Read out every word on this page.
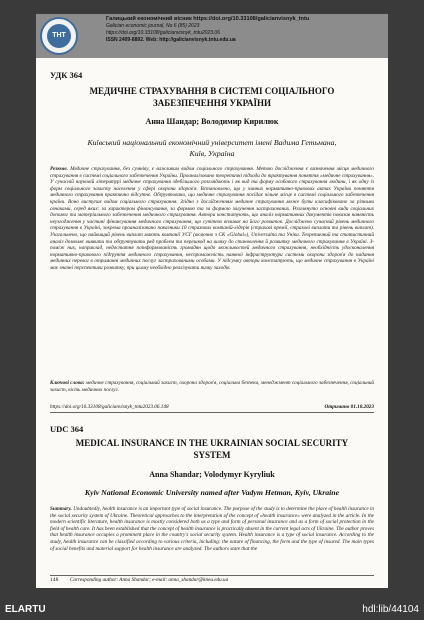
ТНТ
Галицький економічний вісник https://doi.org/10.33108/galicianvisnyk_tntu
Galician economic journal, No 6 (85) 2023
https://doi.org/10.33108/galicianvisnyk_tntu2023.06
ISSN 2409-8892. Web: http://galicianvisnyk.tntu.edu.ua
УДК 364
МЕДИЧНЕ СТРАХУВАННЯ В СИСТЕМІ СОЦІАЛЬНОГО
ЗАБЕЗПЕЧЕННЯ УКРАЇНИ
Анна Шандар; Володимир Кирилюк
Київський національний економічний університет імені Вадима Гетьмана,
Київ, Україна
Резюме. Медичне страхування, без сумніву, є важливим видом соціального страхування. Метою дослідження є визначення місця медичного страхування в системі соціального забезпечення України. Проаналізовано теоретичні підходи до трактування поняття «медичне страхування». У сучасній науковій літературі медичне страхування здебільшого розглядають і як вид та форму особового страхування людини, і як одну із форм соціального захисту населення у сфері охорони здоров'я. Встановлено, що у чинних нормативно-правових актах України поняття медичного страхування практично відсутнє. Обґрунтовано, що медичне страхування посідає чільне місце в системі соціального забезпечення країни. Воно виступає видом соціального страхування. Згідно з дослідженням медичне страхування може бути класифіковано за різними ознаками, серед яких: за характером фінансування, за формою та за формою залучення застрахованих. Розглянуто основні види соціальних допомог та матеріального забезпечення медичного страхування. Автори констатують, що аналіз нормативних документів показав наявність неузгодження у частині фінансування медичного страхування, що суттєво впливає на його розвиток. Досліджено сучасний рівень медичного страхування в Україні, зокрема проаналізовано показники 10 страхових компаній-лідерів (страхові премії, страхові виплати та рівень виплат). Узагальнено, що найвищий рівень виплат мають компанії УСГ (включно з СК «Global»), Universalna та Уніка. Теоретичний та статистичний аналіз дозволяє виявити та обґрунтувати ряд проблем та перешкод на шляху до становлення й розвитку медичного страхування в Україні. З-поміж них, наприклад, недостатня поінформованість громадян щодо можливостей медичного страхування, необхідність удосконалення нормативно-правового підґрунтя медичного страхування, неспроможність наявної інфраструктури системи охорони здоров'я до надання медичних переваг в отриманні медичних послуг застрахованими особами. У підсумку автори констатують, що медичне страхування в Україні має значні перспективи розвитку, при цьому необхідно реалізувати низку заходів.
Ключові слова: медичне страхування, соціальний захист, охорона здоров'я, соціальна безпека, менеджмент соціального забезпечення, соціальний захист, вість медичних послуг.
https://doi.org/10.33108/galicianvisnyk_tntu2023.06.148	Отримано 01.10.2023
UDC 364
MEDICAL INSURANCE IN THE UKRAINIAN SOCIAL SECURITY
SYSTEM
Anna Shandar; Volodymyr Kyryliuk
Kyiv National Economic University named after Vadym Hetman, Kyiv, Ukraine
Summary. Undoubtedly, health insurance is an important type of social insurance. The purpose of the study is to determine the place of health insurance in the social security system of Ukraine. Theoretical approaches to the interpretation of the concept of «health insurance» were analyzed in the article. In the modern scientific literature, health insurance is mostly considered both as a type and form of personal insurance and as a form of social protection in the field of health care. It has been established that the concept of health insurance is practically absent in the current legal acts of Ukraine. The author proves that health insurance occupies a prominent place in the country's social security system. Health insurance is a type of social insurance. According to the study, health insurance can be classified according to various criteria, including: the nature of financing, the form and the type of insured. The main types of social benefits and material support for health insurance are analyzed. The authors state that the
148 Corresponding author: Anna Shandar; e-mail: anna_shandar@kneu.edu.ua
ELARTU	hdl:lib/44104
